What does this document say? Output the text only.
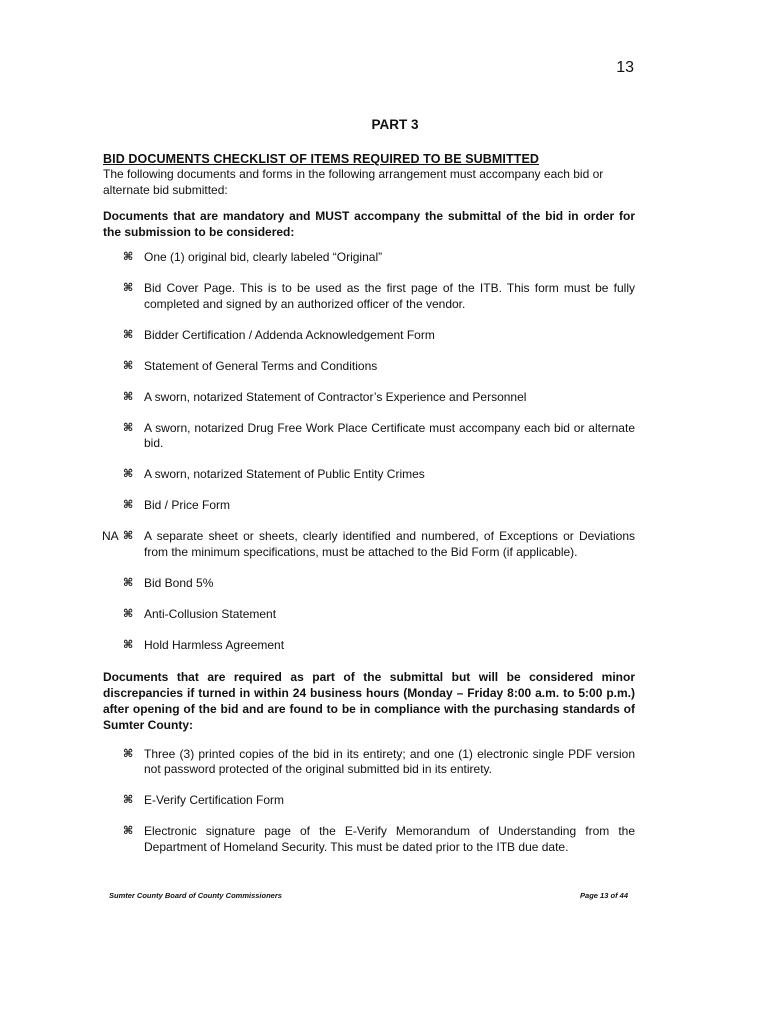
13
PART 3

BID DOCUMENTS CHECKLIST OF ITEMS REQUIRED TO BE SUBMITTED

The following documents and forms in the following arrangement must accompany each bid or alternate bid submitted:

Documents that are mandatory and MUST accompany the submittal of the bid in order for the submission to be considered:

⌘ One (1) original bid, clearly labeled “Original”
⌘ Bid Cover Page. This is to be used as the first page of the ITB. This form must be fully completed and signed by an authorized officer of the vendor.
⌘ Bidder Certification / Addenda Acknowledgement Form
⌘ Statement of General Terms and Conditions
⌘ A sworn, notarized Statement of Contractor’s Experience and Personnel
⌘ A sworn, notarized Drug Free Work Place Certificate must accompany each bid or alternate bid.
⌘ A sworn, notarized Statement of Public Entity Crimes
⌘ Bid / Price Form
NA ⌘ A separate sheet or sheets, clearly identified and numbered, of Exceptions or Deviations from the minimum specifications, must be attached to the Bid Form (if applicable).
⌘ Bid Bond 5%
⌘ Anti-Collusion Statement
⌘ Hold Harmless Agreement

Documents that are required as part of the submittal but will be considered minor discrepancies if turned in within 24 business hours (Monday – Friday 8:00 a.m. to 5:00 p.m.) after opening of the bid and are found to be in compliance with the purchasing standards of Sumter County:

⌘ Three (3) printed copies of the bid in its entirety; and one (1) electronic single PDF version not password protected of the original submitted bid in its entirety.
⌘ E-Verify Certification Form
⌘ Electronic signature page of the E-Verify Memorandum of Understanding from the Department of Homeland Security. This must be dated prior to the ITB due date.
Sumter County Board of County Commissioners	Page 13 of 44
